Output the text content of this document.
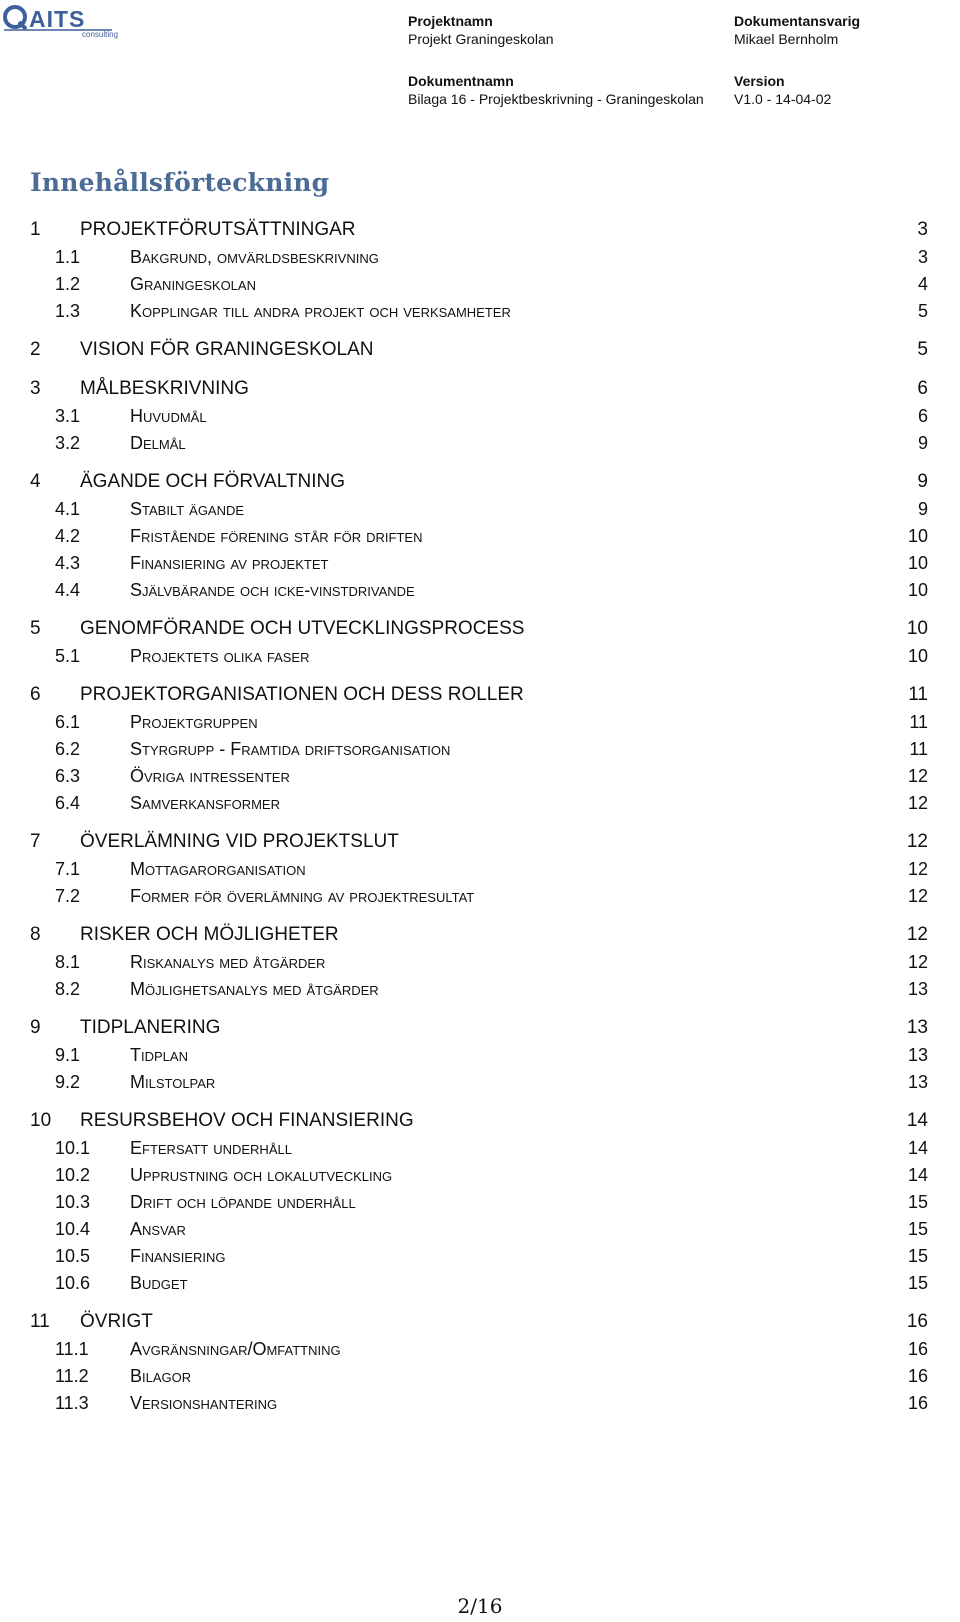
AITS
consulting
Projektnamn
Projekt Graningeskolan
Dokumentansvarig
Mikael Bernholm
Dokumentnamn
Bilaga 16 - Projektbeskrivning - Graningeskolan
Version
V1.0 - 14-04-02
Innehållsförteckning
1 PROJEKTFÖRUTSÄTTNINGAR	3
1.1	Bakgrund, omvärldsbeskrivning	3
1.2	Graningeskolan	4
1.3	Kopplingar till andra projekt och verksamheter	5
2 VISION FÖR GRANINGESKOLAN	5
3 MÅLBESKRIVNING	6
3.1	Huvudmål	6
3.2	Delmål	9
4 ÄGANDE OCH FÖRVALTNING	9
4.1	Stabilt ägande	9
4.2	Fristående förening står för driften	10
4.3	Finansiering av projektet	10
4.4	Självbärande och icke-vinstdrivande	10
5 GENOMFÖRANDE OCH UTVECKLINGSPROCESS	10
5.1	Projektets olika faser	10
6 PROJEKTORGANISATIONEN OCH DESS ROLLER	11
6.1	Projektgruppen	11
6.2	Styrgrupp - Framtida driftsorganisation	11
6.3	Övriga intressenter	12
6.4	Samverkansformer	12
7 ÖVERLÄMNING VID PROJEKTSLUT	12
7.1	Mottagarorganisation	12
7.2	Former för överlämning av projektresultat	12
8 RISKER OCH MÖJLIGHETER	12
8.1	Riskanalys med åtgärder	12
8.2	Möjlighetsanalys med åtgärder	13
9 TIDPLANERING	13
9.1	Tidplan	13
9.2	Milstolpar	13
10 RESURSBEHOV OCH FINANSIERING	14
10.1 Eftersatt underhåll	14
10.2 Upprustning och lokalutveckling	14
10.3 Drift och löpande underhåll	15
10.4 Ansvar	15
10.5 Finansiering	15
10.6 Budget	15
11 ÖVRIGT	16
11.1 Avgränsningar/Omfattning	16
11.2 Bilagor	16
11.3 Versionshantering	16
2/16
